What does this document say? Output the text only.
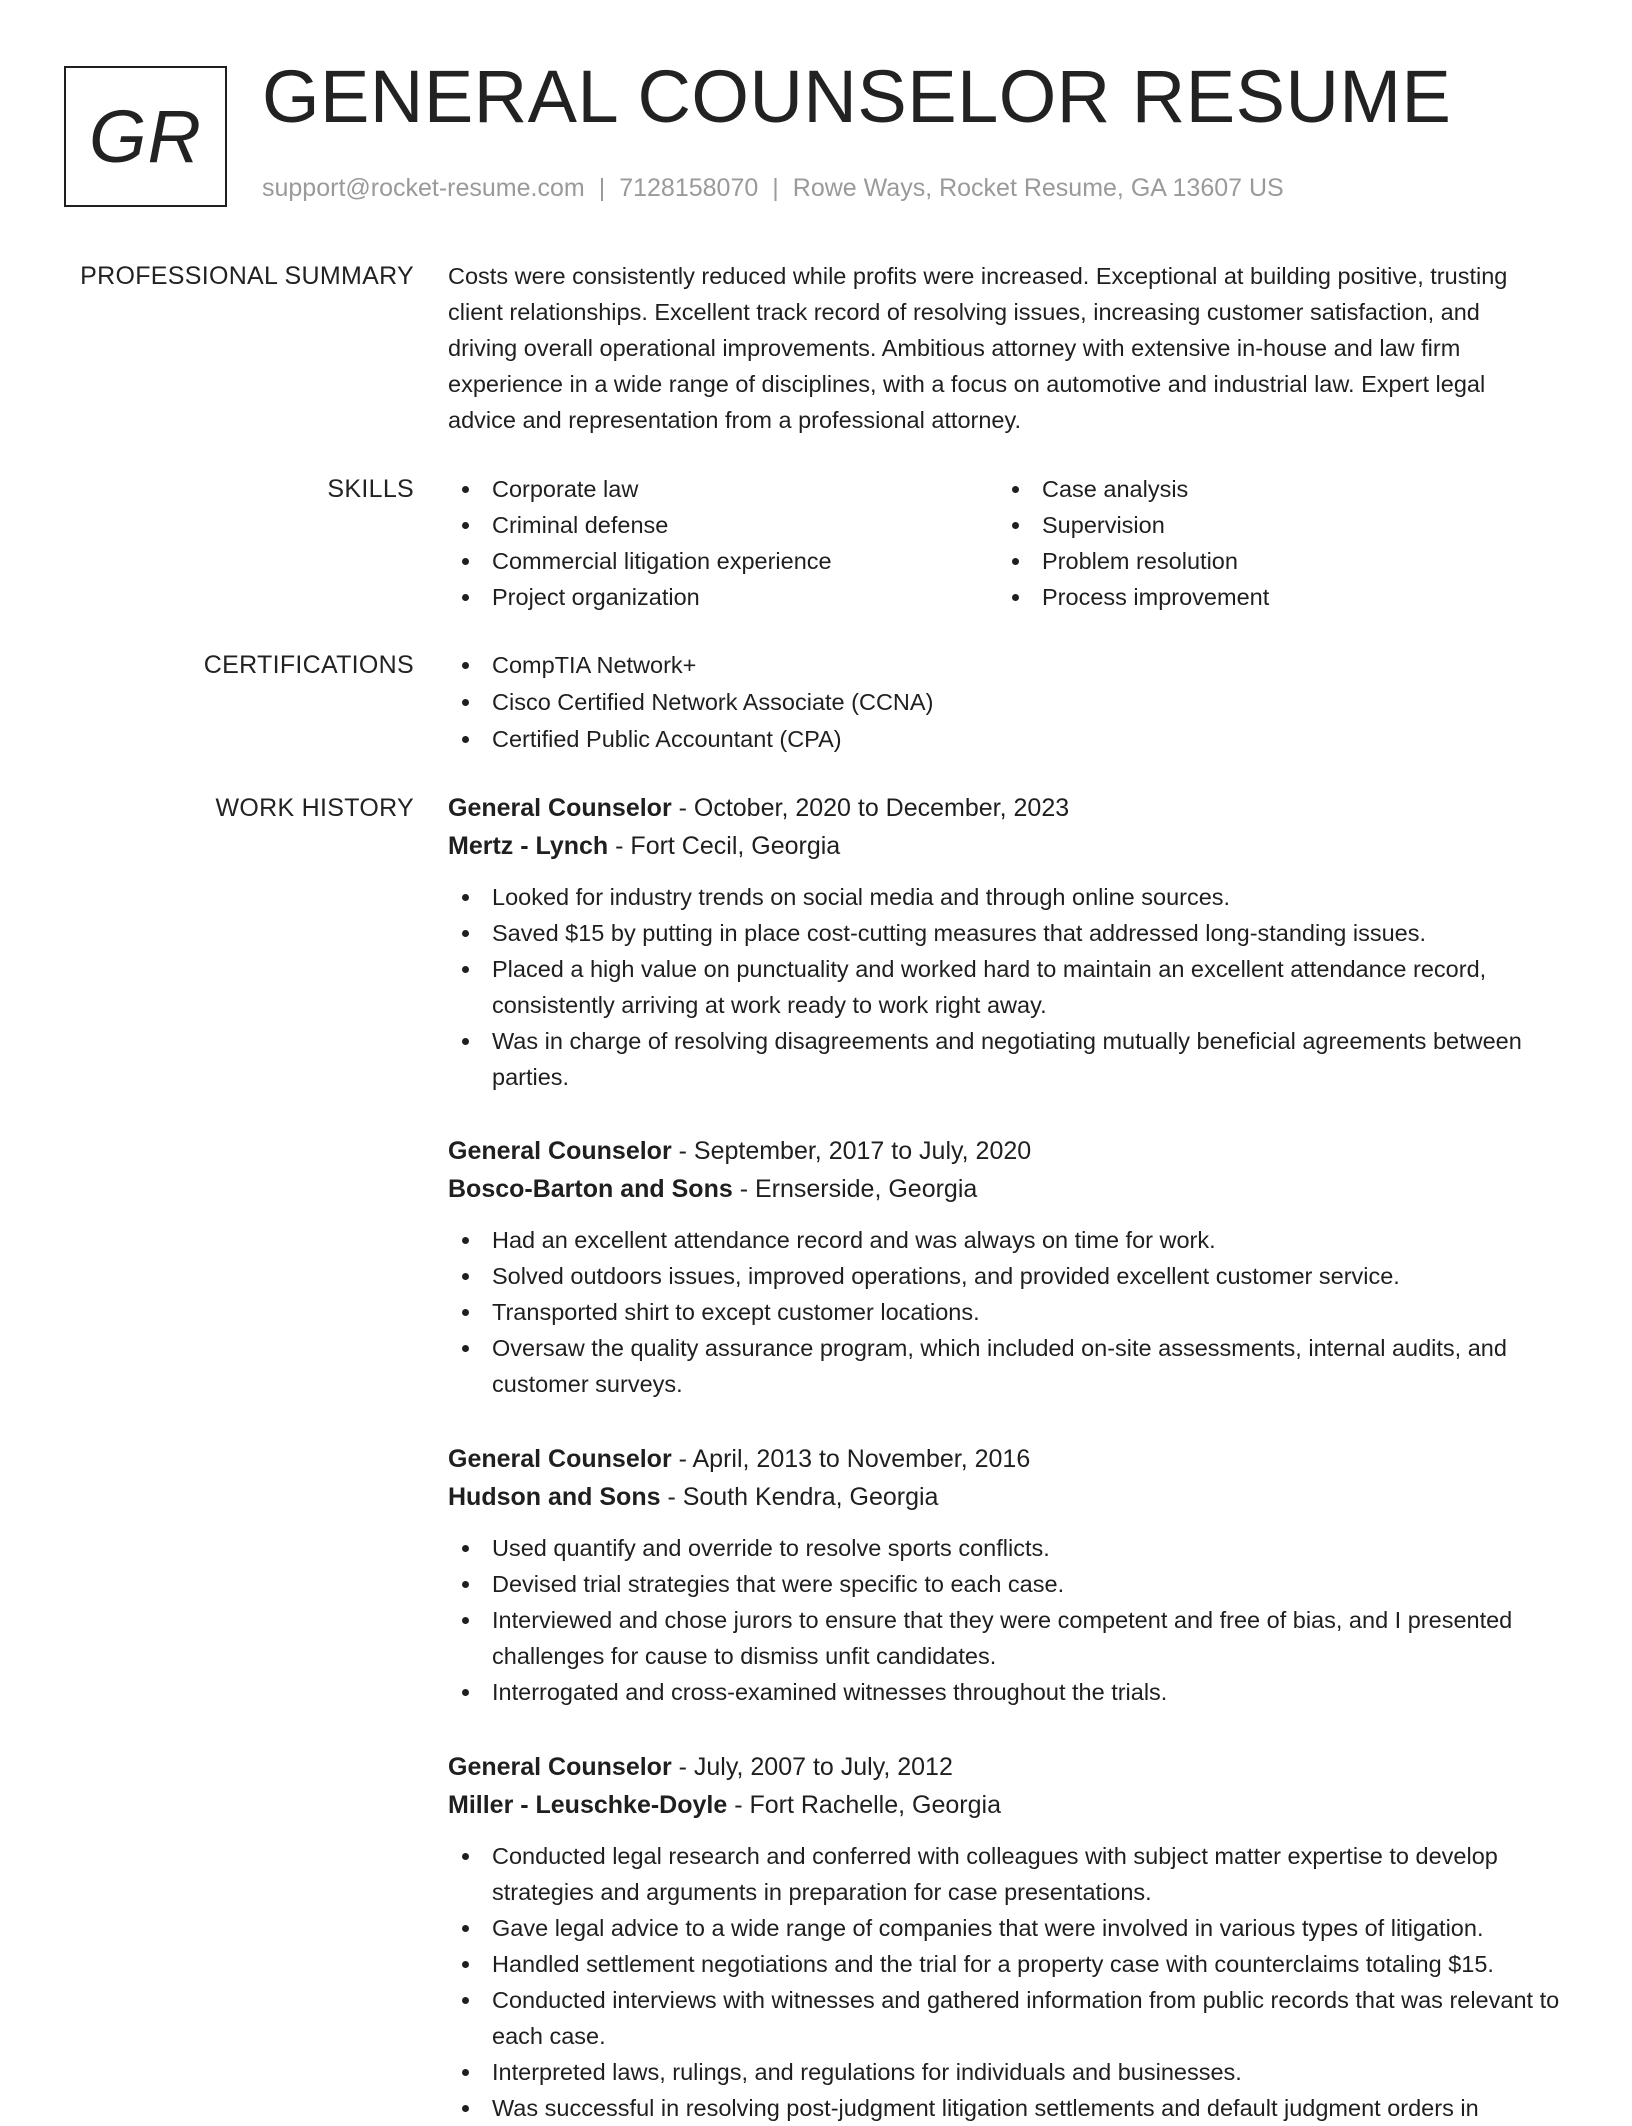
GR GENERAL COUNSELOR RESUME
support@rocket-resume.com | 7128158070 | Rowe Ways, Rocket Resume, GA 13607 US
PROFESSIONAL SUMMARY Costs were consistently reduced while profits were increased. Exceptional at building positive, trusting client relationships. Excellent track record of resolving issues, increasing customer satisfaction, and driving overall operational improvements. Ambitious attorney with extensive in-house and law firm experience in a wide range of disciplines, with a focus on automotive and industrial law. Expert legal advice and representation from a professional attorney.

SKILLS	Corporate law
Criminal defense
Commercial litigation experience
Project organization
Case analysis
Supervision
Problem resolution
Process improvement
CERTIFICATIONS	CompTIA Network+
Cisco Certified Network Associate (CCNA)
Certified Public Accountant (CPA)
WORK HISTORY General Counselor - October, 2020 to December, 2023
Mertz - Lynch - Fort Cecil, Georgia
Looked for industry trends on social media and through online sources.
Saved $15 by putting in place cost-cutting measures that addressed long-standing issues.
Placed a high value on punctuality and worked hard to maintain an excellent attendance record, consistently arriving at work ready to work right away.
Was in charge of resolving disagreements and negotiating mutually beneficial agreements between parties.
General Counselor - September, 2017 to July, 2020
Bosco-Barton and Sons - Ernserside, Georgia
Had an excellent attendance record and was always on time for work.
Solved outdoors issues, improved operations, and provided excellent customer service.
Transported shirt to except customer locations.
Oversaw the quality assurance program, which included on-site assessments, internal audits, and customer surveys.
General Counselor - April, 2013 to November, 2016
Hudson and Sons - South Kendra, Georgia
Used quantify and override to resolve sports conflicts.
Devised trial strategies that were specific to each case.
Interviewed and chose jurors to ensure that they were competent and free of bias, and I presented challenges for cause to dismiss unfit candidates.
Interrogated and cross-examined witnesses throughout the trials.
General Counselor - July, 2007 to July, 2012
Miller - Leuschke-Doyle - Fort Rachelle, Georgia
Conducted legal research and conferred with colleagues with subject matter expertise to develop strategies and arguments in preparation for case presentations.
Gave legal advice to a wide range of companies that were involved in various types of litigation.
Handled settlement negotiations and the trial for a property case with counterclaims totaling $15.
Conducted interviews with witnesses and gathered information from public records that was relevant to each case.
Interpreted laws, rulings, and regulations for individuals and businesses.
Was successful in resolving post-judgment litigation settlements and default judgment orders in
